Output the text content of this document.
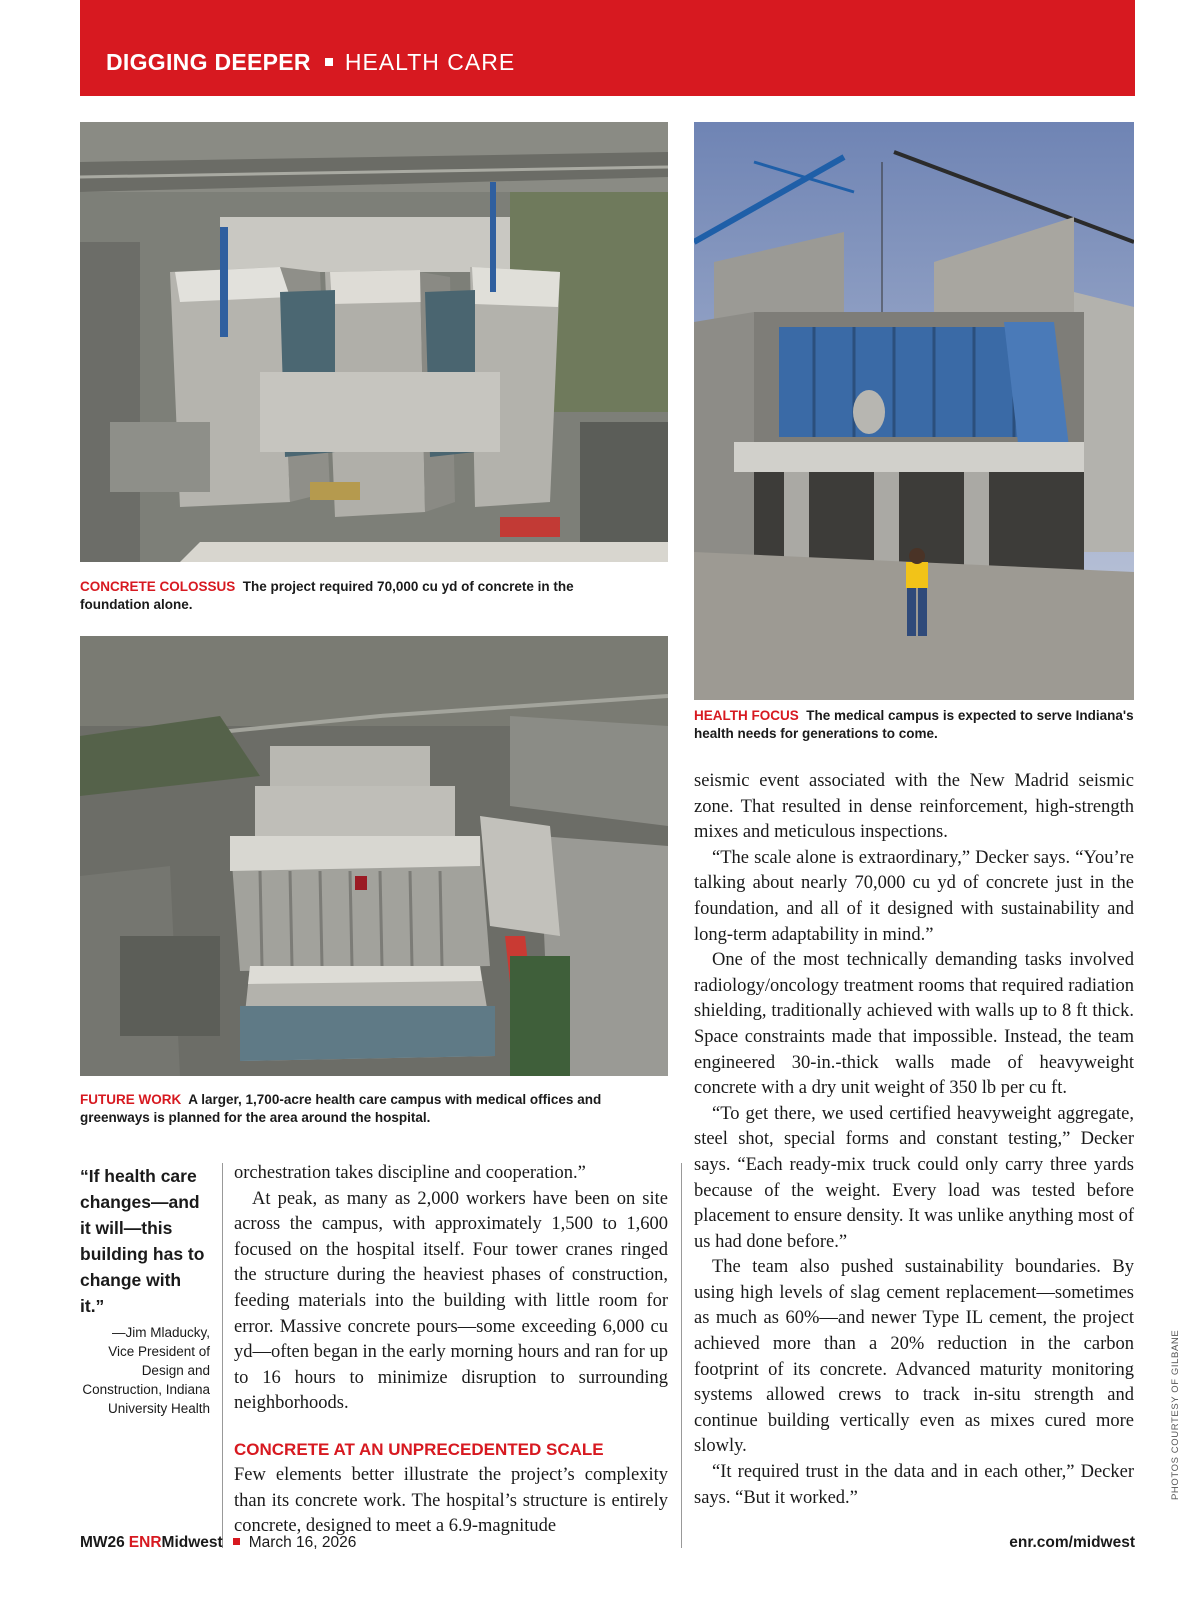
DIGGING DEEPER HEALTH CARE
CONCRETE COLOSSUS The project required 70,000 cu yd of concrete in the foundation alone.
HEALTH FOCUS The medical campus is expected to serve Indiana's health needs for generations to come.
FUTURE WORK A larger, 1,700-acre health care campus with medical offices and greenways is planned for the area around the hospital.
“If health care changes—and it will—this building has to change with it.”
—Jim Mladucky,
Vice President of Design and Construction, Indiana University Health

orchestration takes discipline and cooperation.”

At peak, as many as 2,000 workers have been on site across the campus, with approximately 1,500 to 1,600 focused on the hospital itself. Four tower cranes ringed the structure during the heaviest phases of construction, feeding materials into the building with little room for error. Massive concrete pours—some exceeding 6,000 cu yd—often began in the early morning hours and ran for up to 16 hours to minimize disruption to surrounding neighborhoods.

CONCRETE AT AN UNPRECEDENTED SCALE

Few elements better illustrate the project’s complexity than its concrete work. The hospital’s structure is entirely concrete, designed to meet a 6.9-magnitude

seismic event associated with the New Madrid seismic zone. That resulted in dense reinforcement, high-strength mixes and meticulous inspections.

“The scale alone is extraordinary,” Decker says. “You’re talking about nearly 70,000 cu yd of concrete just in the foundation, and all of it designed with sustainability and long-term adaptability in mind.”

One of the most technically demanding tasks involved radiology/oncology treatment rooms that required radiation shielding, traditionally achieved with walls up to 8 ft thick. Space constraints made that impossible. Instead, the team engineered 30-in.-thick walls made of heavyweight concrete with a dry unit weight of 350 lb per cu ft.

“To get there, we used certified heavyweight aggregate, steel shot, special forms and constant testing,” Decker says. “Each ready-mix truck could only carry three yards because of the weight. Every load was tested before placement to ensure density. It was unlike anything most of us had done before.”

The team also pushed sustainability boundaries. By using high levels of slag cement replacement—sometimes as much as 60%—and newer Type IL cement, the project achieved more than a 20% reduction in the carbon footprint of its concrete. Advanced maturity monitoring systems allowed crews to track in-situ strength and continue building vertically even as mixes cured more slowly.

“It required trust in the data and in each other,” Decker says. “But it worked.”	PHOTOS COURTESY OF GILBANE
MW26 ENRMidwest March 16, 2026	enr.com/midwest
